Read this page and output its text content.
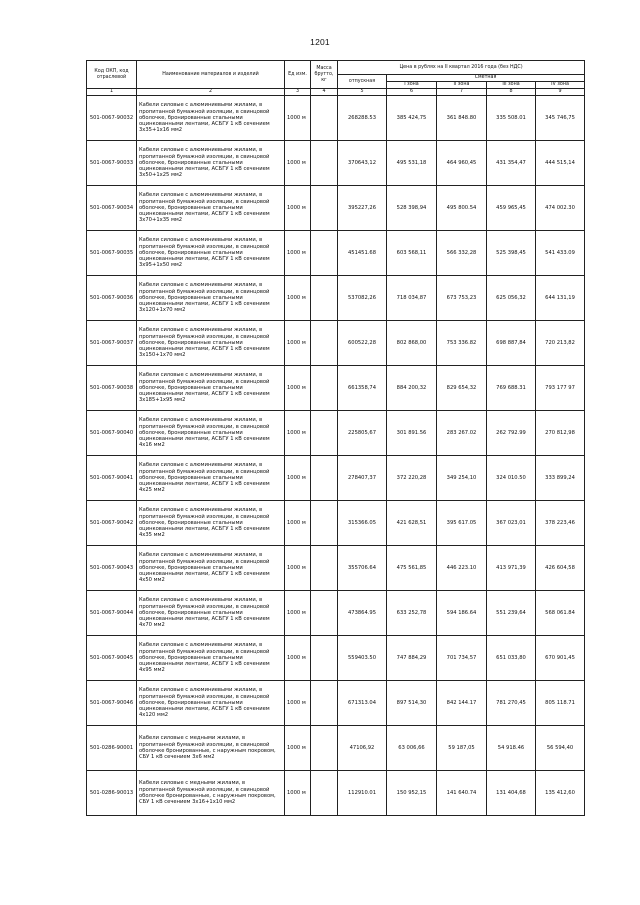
1201
Код ОКП, код отраслевой	Наименование материалов и изделий	Ед изм.	Масса брутто, кг	Цена в рублях на II квартал 2016 года (без НДС)				
				отпускная	Сметная			
					I зона	II зона	III зона	IV зона
1	2	3	4	5	6	7	8	9
501-0067-90032	Кабели силовые с алюминиевыми жилами, в пропитанной бумажной изоляции, в свинцовой оболочке, бронированные стальными оцинкованными лентами, АСБГУ 1 кВ сечением 3х35+1х16 мм2	1000 м		268288.53	385 424,75	361 848.80	335 508.01	345 746,75
501-0067-90033	Кабели силовые с алюминиевыми жилами, в пропитанной бумажной изоляции, в свинцовой оболочке, бронированные стальными оцинкованными лентами, АСБГУ 1 кВ сечением 3х50+1х25 мм2	1000 м		370643,12	495 531,18	464 960,45	431 354,47	444 515,14
501-0067-90034	Кабели силовые с алюминиевыми жилами, в пропитанной бумажной изоляции, в свинцовой оболочке, бронированные стальными оцинкованными лентами, АСБГУ 1 кВ сечением 3х70+1х35 мм2	1000 м		395227,26	528 398,94	495 800.54	459 965,45	474 002.30
501-0067-90035	Кабели силовые с алюминиевыми жилами, в пропитанной бумажной изоляции, в свинцовой оболочке, бронированные стальными оцинкованными лентами, АСБГУ 1 кВ сечением 3х95+1х50 мм2	1000 м		451451.68	603 568,11	566 332,28	525 398,45	541 433.09
501-0067-90036	Кабели силовые с алюминиевыми жилами, в пропитанной бумажной изоляции, в свинцовой оболочке, бронированные стальными оцинкованными лентами, АСБГУ 1 кВ сечением 3х120+1х70 мм2	1000 м		537082,26	718 034,87	673 753,23	625 056,32	644 131,19
501-0067-90037	Кабели силовые с алюминиевыми жилами, в пропитанной бумажной изоляции, в свинцовой оболочке, бронированные стальными оцинкованными лентами, АСБГУ 1 кВ сечением 3х150+1х70 мм2	1000 м		600522,28	802 868,00	753 336.82	698 887,84	720 213,82
501-0067-90038	Кабели силовые с алюминиевыми жилами, в пропитанной бумажной изоляции, в свинцовой оболочке, бронированные стальными оцинкованными лентами, АСБГУ 1 кВ сечением 3х185+1х95 мм2	1000 м		661358,74	884 200,32	829 654,32	769 688.31	793 177 97
501-0067-90040	Кабели силовые с алюминиевыми жилами, в пропитанной бумажной изоляции, в свинцовой оболочке, бронированные стальными оцинкованными лентами, АСБГУ 1 кВ сечением 4х16 мм2	1000 м		225805,67	301 891.56	283 267.02	262 792.99	270 812,98
501-0067-90041	Кабели силовые с алюминиевыми жилами, в пропитанной бумажной изоляции, в свинцовой оболочке, бронированные стальными оцинкованными лентами, АСБГУ 1 кВ сечением 4х25 мм2	1000 м		278407,37	372 220,28	349 254,10	324 010.50	333 899,24
501-0067-90042	Кабели силовые с алюминиевыми жилами, в пропитанной бумажной изоляции, в свинцовой оболочке, бронированные стальными оцинкованными лентами, АСБГУ 1 кВ сечением 4х35 мм2	1000 м		315366.05	421 628,51	395 617.05	367 023,01	378 223,46
501-0067-90043	Кабели силовые с алюминиевыми жилами, в пропитанной бумажной изоляции, в свинцовой оболочке, бронированные стальными оцинкованными лентами, АСБГУ 1 кВ сечением 4х50 мм2	1000 м		355706.64	475 561,85	446 223.10	413 971,39	426 604,58
501-0067-90044	Кабели силовые с алюминиевыми жилами, в пропитанной бумажной изоляции, в свинцовой оболочке, бронированные стальными оцинкованными лентами, АСБГУ 1 кВ сечением 4х70 мм2	1000 м		473864.95	633 252,78	594 186.64	551 239,64	568 061.84
501-0067-90045	Кабели силовые с алюминиевыми жилами, в пропитанной бумажной изоляции, в свинцовой оболочке, бронированные стальными оцинкованными лентами, АСБГУ 1 кВ сечением 4х95 мм2	1000 м		559403.50	747 884,29	701 734,57	651 033,80	670 901,45
501-0067-90046	Кабели силовые с алюминиевыми жилами, в пропитанной бумажной изоляции, в свинцовой оболочке, бронированные стальными оцинкованными лентами, АСБГУ 1 кВ сечением 4х120 мм2	1000 м		671313.04	897 514,30	842 144.17	781 270,45	805 118.71
501-0286-90001	Кабели силовые с медными жилами, в пропитанной бумажной изоляции, в свинцовой оболочке бронированные, с наружным покровом, СБУ 1 кВ сечением 3х6 мм2	1000 м		47106,92	63 006,66	59 187,05	54 918.46	56 594,40
501-0286-90013	Кабели силовые с медными жилами, в пропитанной бумажной изоляции, в свинцовой оболочке бронированные, с наружным покровом, СБУ 1 кВ сечением 3х16+1х10 мм2	1000 м		112910.01	150 952,15	141 640.74	131 404,68	135 412,60
